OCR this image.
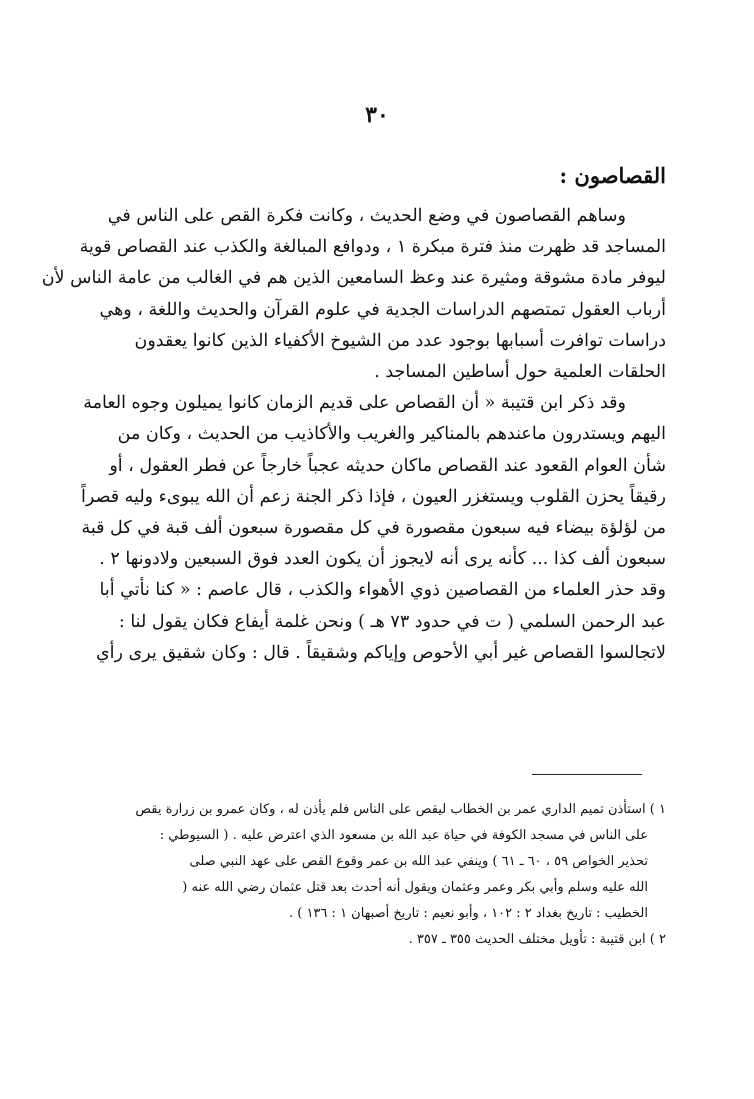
٣٠
القصاصون :
وساهم القصاصون في وضع الحديث ، وكانت فكرة القص على الناس في
المساجد قد ظهرت منذ فترة مبكرة ١ ، ودوافع المبالغة والكذب عند القصاص قوية
ليوفر مادة مشوقة ومثيرة عند وعظ السامعين الذين هم في الغالب من عامة الناس لأن
أرباب العقول تمتصهم الدراسات الجدية في علوم القرآن والحديث واللغة ، وهي
دراسات توافرت أسبابها بوجود عدد من الشيوخ الأكفياء الذين كانوا يعقدون
الحلقات العلمية حول أساطين المساجد .
وقد ذكر ابن قتيبة « أن القصاص على قديم الزمان كانوا يميلون وجوه العامة
اليهم ويستدرون ماعندهم بالمناكير والغريب والأكاذيب من الحديث ، وكان من
شأن العوام القعود عند القصاص ماكان حديثه عجباً خارجاً عن فطر العقول ، أو
رقيقاً يحزن القلوب ويستغزر العيون ، فإذا ذكر الجنة زعم أن الله يبوىء وليه قصراً
من لؤلؤة بيضاء فيه سبعون مقصورة في كل مقصورة سبعون ألف قبة في كل قبة
سبعون ألف كذا ... كأنه يرى أنه لايجوز أن يكون العدد فوق السبعين ولادونها ٢ .
وقد حذر العلماء من القصاصين ذوي الأهواء والكذب ، قال عاصم : « كنا نأتي أبا
عبد الرحمن السلمي ( ت في حدود ٧٣ هـ ) ونحن غلمة أيفاع فكان يقول لنا :
لاتجالسوا القصاص غير أبي الأحوص وإياكم وشقيقاً . قال : وكان شقيق يرى رأي
١ ) استأذن تميم الداري عمر بن الخطاب ليقص على الناس فلم يأذن له ، وكان عمرو بن زرارة يقص
على الناس في مسجد الكوفة في حياة عبد الله بن مسعود الذي اعترض عليه . ( السيوطي :
تحذير الخواص ٥٩ ، ٦٠ ـ ٦١ ) وينفي عبد الله بن عمر وقوع القص على عهد النبي صلى
الله عليه وسلم وأبي بكر وعمر وعثمان ويقول أنه أحدث بعد قتل عثمان رضي الله عنه (
الخطيب : تاريخ بغداد ٢ : ١٠٢ ، وأبو نعيم : تاريخ أصبهان ١ : ١٣٦ ) .
٢ ) ابن قتيبة : تأويل مختلف الحديث ٣٥٥ ـ ٣٥٧ .
